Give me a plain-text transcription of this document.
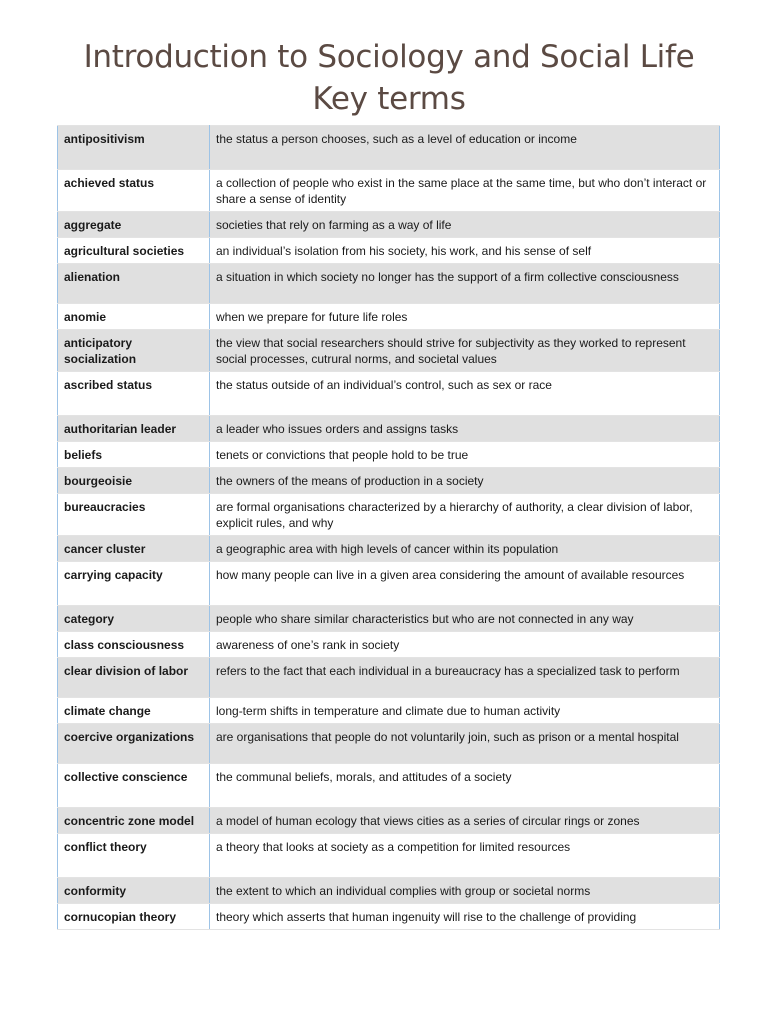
Introduction to Sociology and Social Life
Key terms
antipositivism	the status a person chooses, such as a level of education or income
achieved status	a collection of people who exist in the same place at the same time, but who don’t interact or share a sense of identity
aggregate	societies that rely on farming as a way of life
agricultural societies	an individual’s isolation from his society, his work, and his sense of self
alienation	a situation in which society no longer has the support of a firm collective consciousness
anomie	when we prepare for future life roles
anticipatory socialization	the view that social researchers should strive for subjectivity as they worked to represent social processes, cutrural norms, and societal values
ascribed status	the status outside of an individual’s control, such as sex or race
authoritarian leader	a leader who issues orders and assigns tasks
beliefs	tenets or convictions that people hold to be true
bourgeoisie	the owners of the means of production in a society
bureaucracies	are formal organisations characterized by a hierarchy of authority, a clear division of labor, explicit rules, and why
cancer cluster	a geographic area with high levels of cancer within its population
carrying capacity	how many people can live in a given area considering the amount of available resources
category	people who share similar characteristics but who are not connected in any way
class consciousness	awareness of one’s rank in society
clear division of labor	refers to the fact that each individual in a bureaucracy has a specialized task to perform
climate change	long-term shifts in temperature and climate due to human activity
coercive organizations	are organisations that people do not voluntarily join, such as prison or a mental hospital
collective conscience	the communal beliefs, morals, and attitudes of a society
concentric zone model	a model of human ecology that views cities as a series of circular rings or zones
conflict theory	a theory that looks at society as a competition for limited resources
conformity	the extent to which an individual complies with group or societal norms
cornucopian theory	theory which asserts that human ingenuity will rise to the challenge of providing
